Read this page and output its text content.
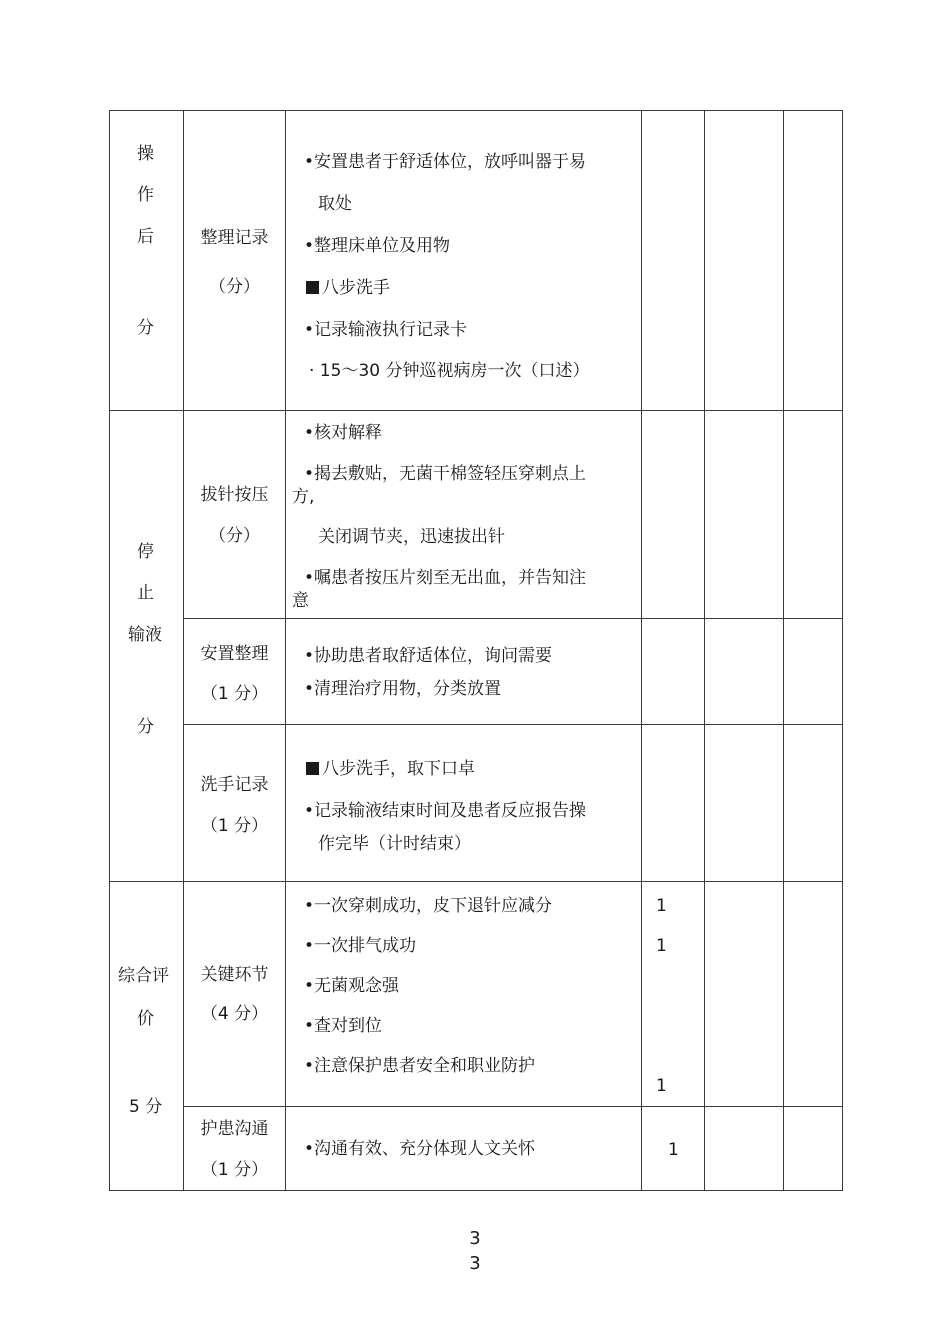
操
作
后
分
整理记录
（分）
•安置患者于舒适体位，放呼叫器于易
取处
•整理床单位及用物
八步洗手
•记录输液执行记录卡
· 15～30 分钟巡视病房一次（口述）
停
止
输液
分
拔针按压
（分）
•核对解释
•揭去敷贴，无菌干棉签轻压穿刺点上
方,
关闭调节夹，迅速拔出针
•嘱患者按压片刻至无出血，并告知注
意
安置整理
（1 分）
•协助患者取舒适体位，询问需要
•清理治疗用物，分类放置
洗手记录
（1 分）
八步洗手，取下口卓
•记录输液结束时间及患者反应报告操
作完毕（计时结束）
综合评
价
5 分
关键环节
（4 分）
•一次穿刺成功，皮下退针应减分
•一次排气成功
•无菌观念强
•查对到位
•注意保护患者安全和职业防护
1
1
1
护患沟通
（1 分）
•沟通有效、充分体现人文关怀	1
3
3
